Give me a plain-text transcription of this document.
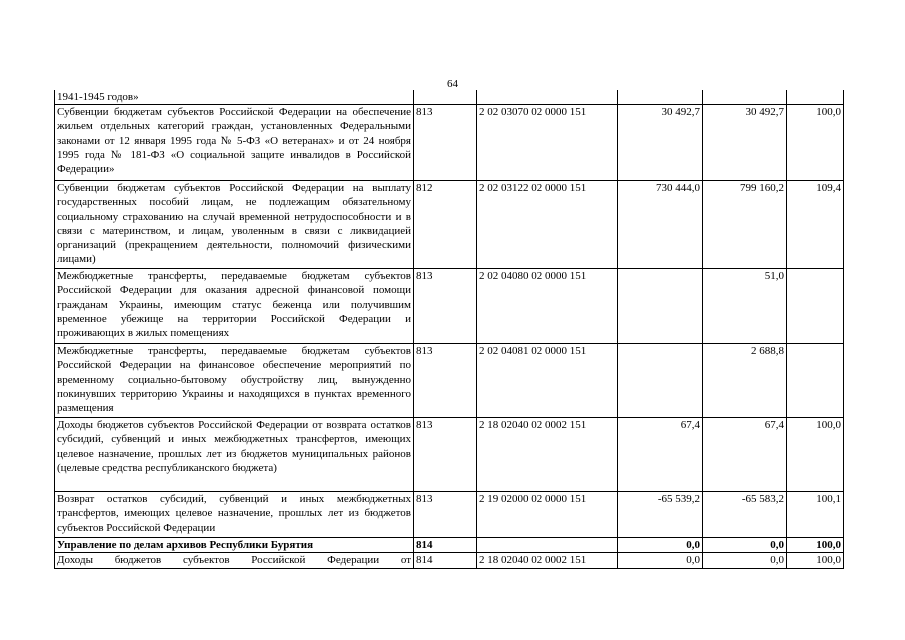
64
1941-1945 годов»					
Субвенции бюджетам субъектов Российской Федерации на обеспечение жильем отдельных категорий граждан, установленных Федеральными законами от 12 января 1995 года № 5-ФЗ «О ветеранах» и от 24 ноября 1995 года № 181-ФЗ «О социальной защите инвалидов в Российской Федерации»	813	2 02 03070 02 0000 151	30 492,7	30 492,7	100,0
Субвенции бюджетам субъектов Российской Федерации на выплату государственных пособий лицам, не подлежащим обязательному социальному страхованию на случай временной нетрудоспособности и в связи с материнством, и лицам, уволенным в связи с ликвидацией организаций (прекращением деятельности, полномочий физическими лицами)	812	2 02 03122 02 0000 151	730 444,0	799 160,2	109,4
Межбюджетные трансферты, передаваемые бюджетам субъектов Российской Федерации для оказания адресной финансовой помощи гражданам Украины, имеющим статус беженца или получившим временное убежище на территории Российской Федерации и проживающих в жилых помещениях	813	2 02 04080 02 0000 151		51,0	
Межбюджетные трансферты, передаваемые бюджетам субъектов Российской Федерации на финансовое обеспечение мероприятий по временному социально-бытовому обустройству лиц, вынужденно покинувших территорию Украины и находящихся в пунктах временного размещения	813	2 02 04081 02 0000 151		2 688,8	
Доходы бюджетов субъектов Российской Федерации от возврата остатков субсидий, субвенций и иных межбюджетных трансфертов, имеющих целевое назначение, прошлых лет из бюджетов муниципальных районов (целевые средства республиканского бюджета)	813	2 18 02040 02 0002 151	67,4	67,4	100,0
Возврат остатков субсидий, субвенций и иных межбюджетных трансфертов, имеющих целевое назначение, прошлых лет из бюджетов субъектов Российской Федерации	813	2 19 02000 02 0000 151	-65 539,2	-65 583,2	100,1
Управление по делам архивов Республики Бурятия	814		0,0	0,0	100,0
Доходы бюджетов субъектов Российской Федерации от	814	2 18 02040 02 0002 151	0,0	0,0	100,0
